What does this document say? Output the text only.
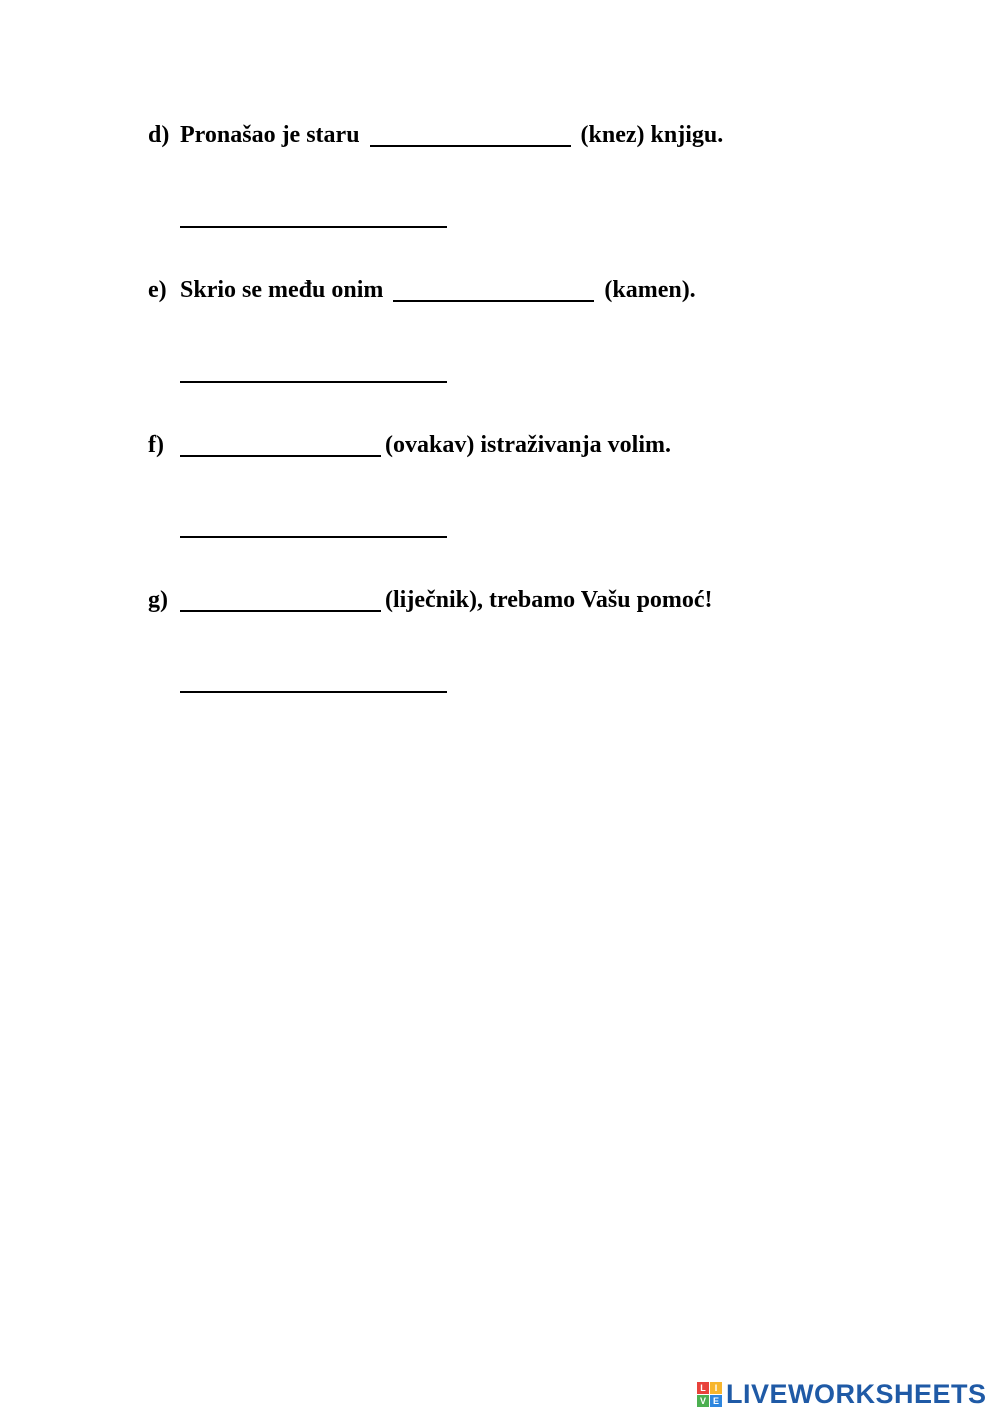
d) Pronašao je staru	(knez) knjigu.
e) Skrio se među onim	(kamen).
f)	(ovakav) istraživanja volim.
g)	(liječnik), trebamo Vašu pomoć!
L I
V E LIVEWORKSHEETS
